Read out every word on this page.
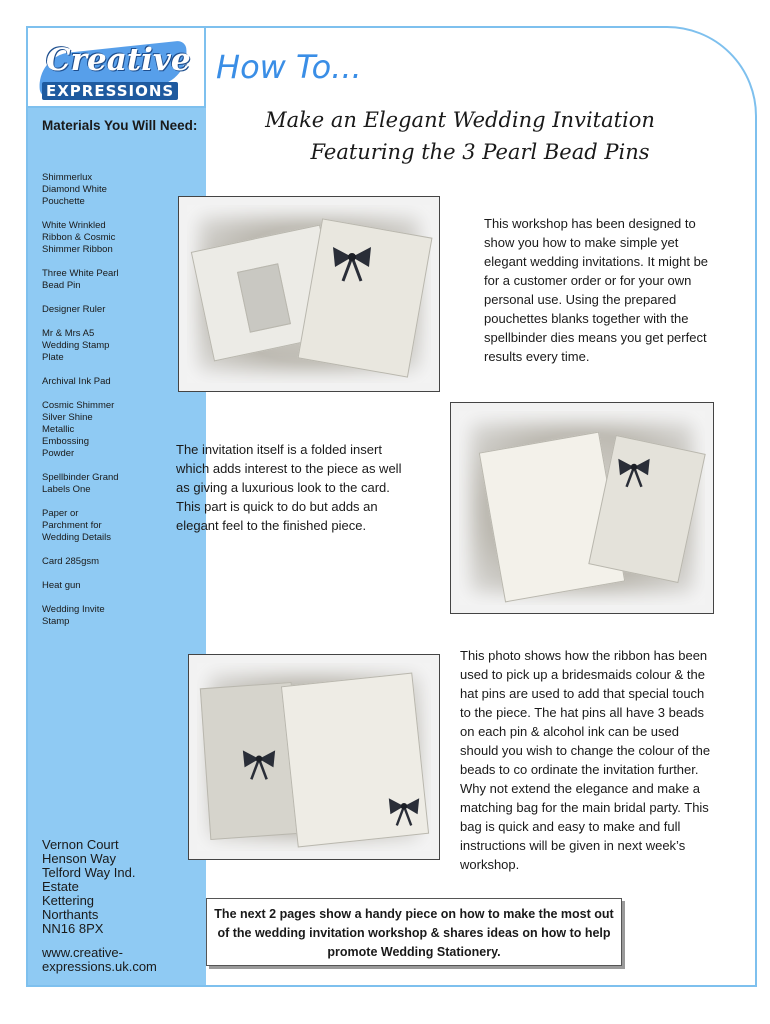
Creative
EXPRESSIONS
How To...
Make an Elegant Wedding Invitation
Featuring the 3 Pearl Bead Pins
Materials You Will Need:
Shimmerlux Diamond White Pouchette
White Wrinkled Ribbon & Cosmic Shimmer Ribbon
Three White Pearl Bead Pin
Designer Ruler
Mr & Mrs A5 Wedding Stamp Plate
Archival Ink Pad
Cosmic Shimmer Silver Shine Metallic Embossing Powder
Spellbinder Grand Labels One
Paper or Parchment for Wedding Details
Card 285gsm
Heat gun
Wedding Invite Stamp
Vernon Court
Henson Way
Telford Way Ind.
Estate
Kettering
Northants
NN16 8PX
www.creative-expressions.uk.com

This workshop has been designed to show you how to make simple yet elegant wedding invitations. It might be for a customer order or for your own personal use. Using the prepared pouchettes blanks together with the spellbinder dies means you get perfect results every time.

The invitation itself is a folded insert which adds interest to the piece as well as giving a luxurious look to the card. This part is quick to do but adds an elegant feel to the finished piece.

This photo shows how the ribbon has been used to pick up a bridesmaids colour & the hat pins are used to add that special touch to the piece. The hat pins all have 3 beads on each pin & alcohol ink can be used should you wish to change the colour of the beads to co ordinate the invitation further. Why not extend the elegance and make a matching bag for the main bridal party. This bag is quick and easy to make and full instructions will be given in next week’s workshop.

The next 2 pages show a handy piece on how to make the most out of the wedding invitation workshop & shares ideas on how to help promote Wedding Stationery.
